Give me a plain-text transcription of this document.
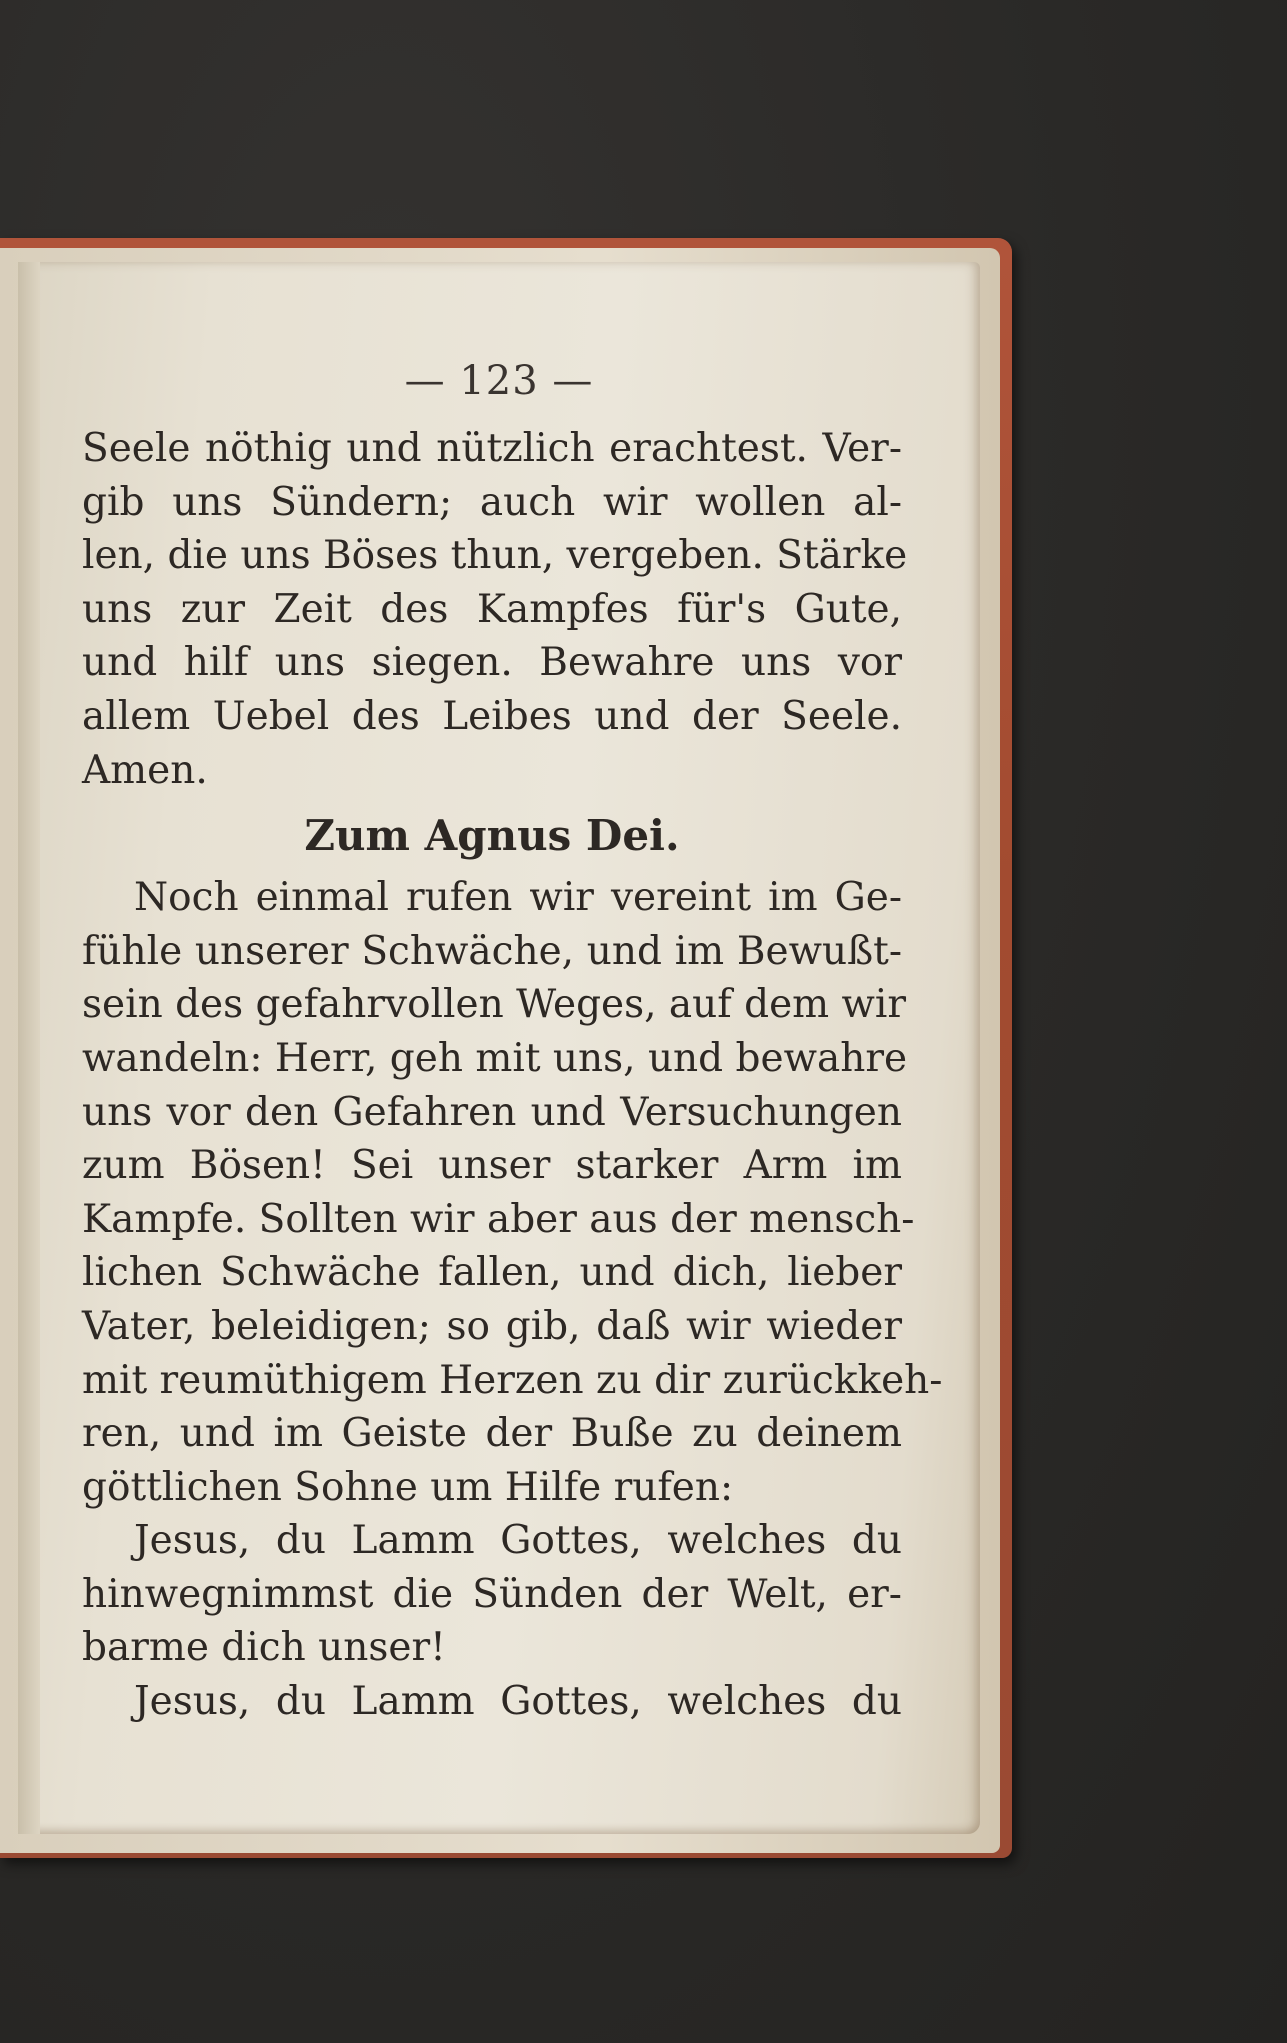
— 123 —
Seele nöthig und nützlich erachtest. Ver-
gib uns Sündern; auch wir wollen al-
len, die uns Böses thun, vergeben. Stärke
uns zur Zeit des Kampfes für's Gute,
und hilf uns siegen. Bewahre uns vor
allem Uebel des Leibes und der Seele.
Amen.
Zum Agnus Dei.
Noch einmal rufen wir vereint im Ge-
fühle unserer Schwäche, und im Bewußt-
sein des gefahrvollen Weges, auf dem wir
wandeln: Herr, geh mit uns, und bewahre
uns vor den Gefahren und Versuchungen
zum Bösen! Sei unser starker Arm im
Kampfe. Sollten wir aber aus der mensch-
lichen Schwäche fallen, und dich, lieber
Vater, beleidigen; so gib, daß wir wieder
mit reumüthigem Herzen zu dir zurückkeh-
ren, und im Geiste der Buße zu deinem
göttlichen Sohne um Hilfe rufen:
Jesus, du Lamm Gottes, welches du
hinwegnimmst die Sünden der Welt, er-
barme dich unser!
Jesus, du Lamm Gottes, welches du
